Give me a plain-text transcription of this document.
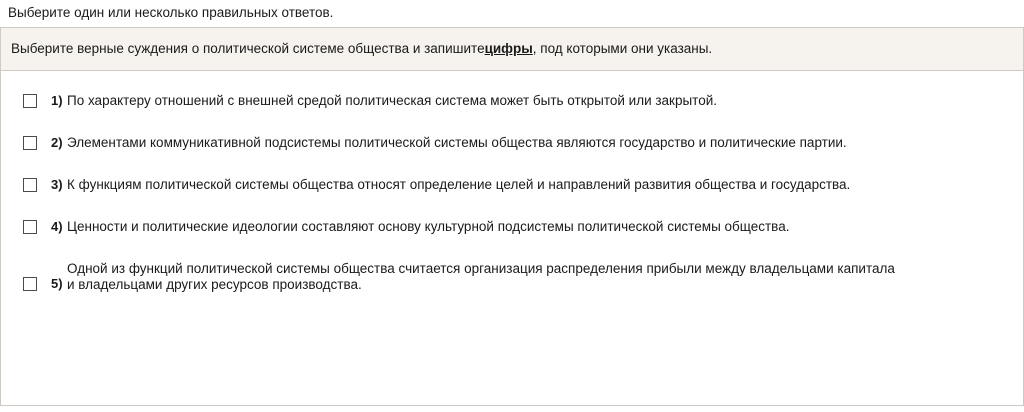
Выберите один или несколько правильных ответов.
Выберите верные суждения о политической системе общества и запишитецифры, под которыми они указаны.
1) По характеру отношений с внешней средой политическая система может быть открытой или закрытой.
2) Элементами коммуникативной подсистемы политической системы общества являются государство и политические партии.
3) К функциям политической системы общества относят определение целей и направлений развития общества и государства.
4) Ценности и политические идеологии составляют основу культурной подсистемы политической системы общества.
5)
Одной из функций политической системы общества считается организация распределения прибыли между владельцами капитала
и владельцами других ресурсов производства.
